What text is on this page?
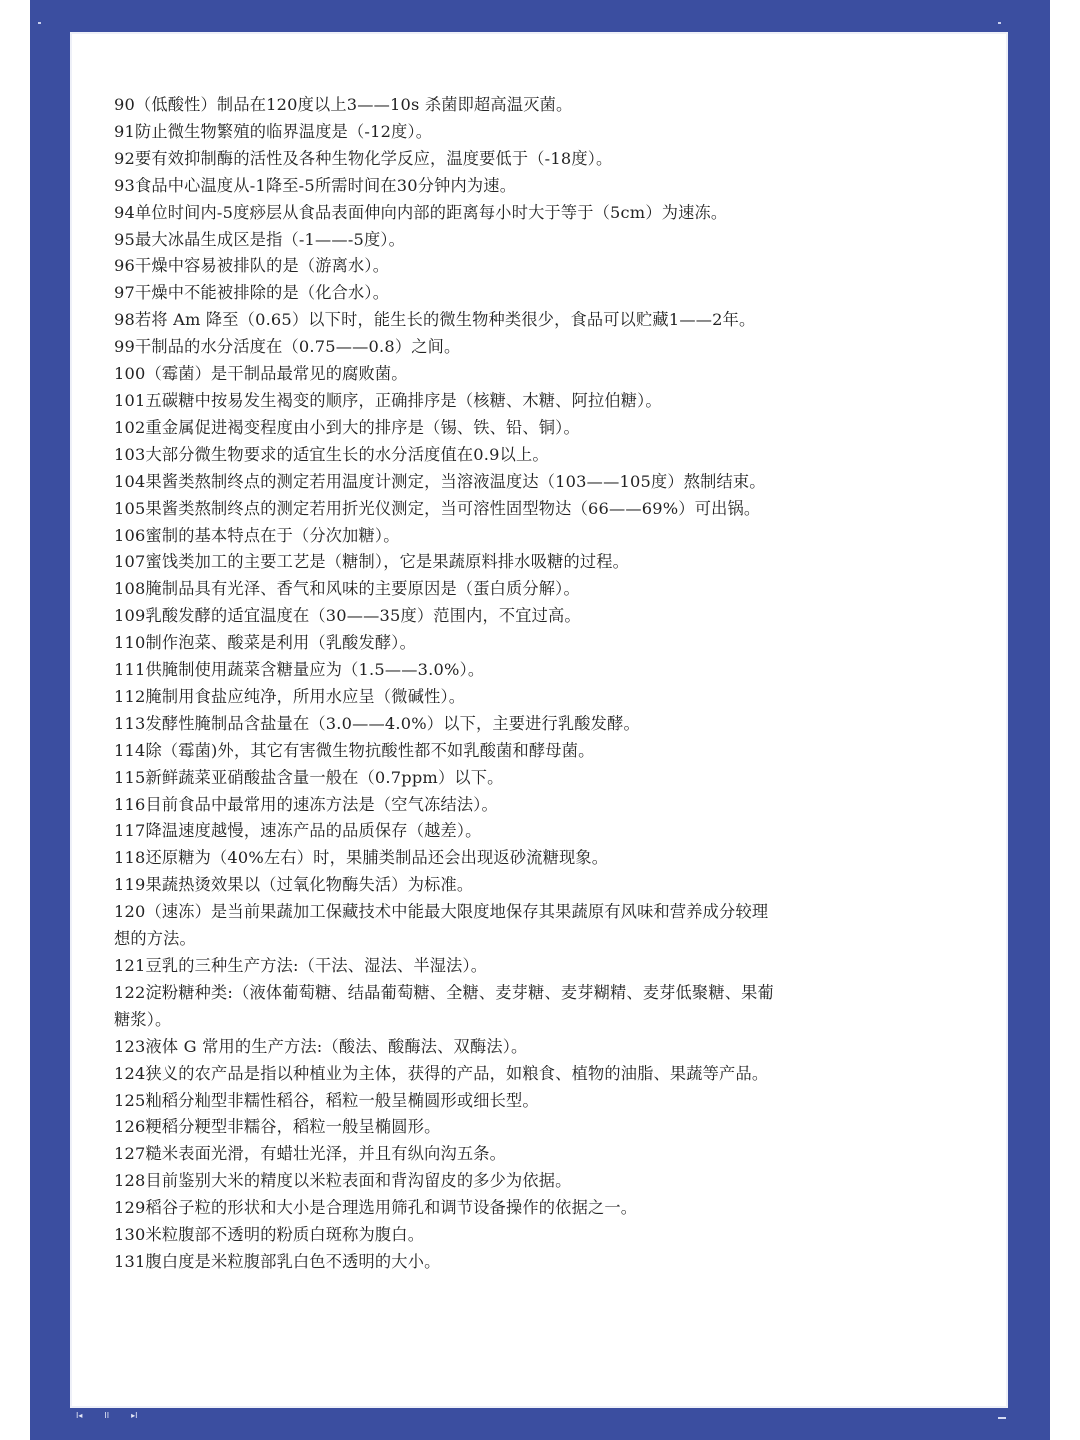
90（低酸性）制品在120度以上3——10s 杀菌即超高温灭菌。

91防止微生物繁殖的临界温度是（-12度）。

92要有效抑制酶的活性及各种生物化学反应，温度要低于（-18度）。

93食品中心温度从-1降至-5所需时间在30分钟内为速。

94单位时间内-5度痧层从食品表面伸向内部的距离每小时大于等于（5cm）为速冻。

95最大冰晶生成区是指（-1——-5度）。

96干燥中容易被排队的是（游离水）。

97干燥中不能被排除的是（化合水）。

98若将 Am 降至（0.65）以下时，能生长的微生物种类很少，食品可以贮藏1——2年。

99干制品的水分活度在（0.75——0.8）之间。

100（霉菌）是干制品最常见的腐败菌。

101五碳糖中按易发生褐变的顺序，正确排序是（核糖、木糖、阿拉伯糖）。

102重金属促进褐变程度由小到大的排序是（锡、铁、铅、铜）。

103大部分微生物要求的适宜生长的水分活度值在0.9以上。

104果酱类熬制终点的测定若用温度计测定，当溶液温度达（103——105度）熬制结束。

105果酱类熬制终点的测定若用折光仪测定，当可溶性固型物达（66——69%）可出锅。

106蜜制的基本特点在于（分次加糖）。

107蜜饯类加工的主要工艺是（糖制），它是果蔬原料排水吸糖的过程。

108腌制品具有光泽、香气和风味的主要原因是（蛋白质分解）。

109乳酸发酵的适宜温度在（30——35度）范围内，不宜过高。

110制作泡菜、酸菜是利用（乳酸发酵）。

111供腌制使用蔬菜含糖量应为（1.5——3.0%）。

112腌制用食盐应纯净，所用水应呈（微碱性）。

113发酵性腌制品含盐量在（3.0——4.0%）以下，主要进行乳酸发酵。

114除（霉菌)外，其它有害微生物抗酸性都不如乳酸菌和酵母菌。

115新鲜蔬菜亚硝酸盐含量一般在（0.7ppm）以下。

116目前食品中最常用的速冻方法是（空气冻结法）。

117降温速度越慢，速冻产品的品质保存（越差）。

118还原糖为（40%左右）时，果脯类制品还会出现返砂流糖现象。

119果蔬热烫效果以（过氧化物酶失活）为标准。

120（速冻）是当前果蔬加工保藏技术中能最大限度地保存其果蔬原有风味和营养成分较理

想的方法。

121豆乳的三种生产方法:（干法、湿法、半湿法）。

122淀粉糖种类:（液体葡萄糖、结晶葡萄糖、全糖、麦芽糖、麦芽糊精、麦芽低聚糖、果葡

糖浆）。

123液体 G 常用的生产方法:（酸法、酸酶法、双酶法）。

124狭义的农产品是指以种植业为主体，获得的产品，如粮食、植物的油脂、果蔬等产品。

125籼稻分籼型非糯性稻谷，稻粒一般呈椭圆形或细长型。

126粳稻分粳型非糯谷，稻粒一般呈椭圆形。

127糙米表面光滑，有蜡壮光泽，并且有纵向沟五条。

128目前鉴别大米的精度以米粒表面和背沟留皮的多少为依据。

129稻谷子粒的形状和大小是合理选用筛孔和调节设备操作的依据之一。

130米粒腹部不透明的粉质白斑称为腹白。

131腹白度是米粒腹部乳白色不透明的大小。

I◂	II	▸I
